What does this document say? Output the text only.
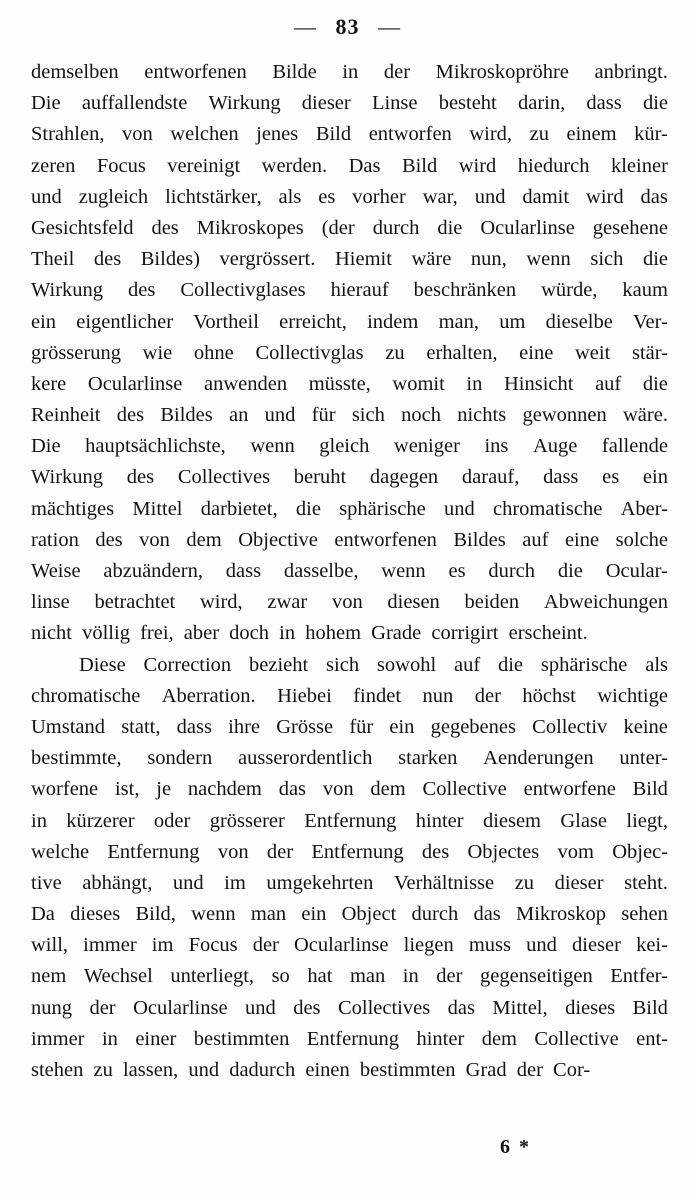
— 83 —
demselben entworfenen Bilde in der Mikroskopröhre anbringt.
Die auffallendste Wirkung dieser Linse besteht darin, dass die
Strahlen, von welchen jenes Bild entworfen wird, zu einem kür-
zeren Focus vereinigt werden. Das Bild wird hiedurch kleiner
und zugleich lichtstärker, als es vorher war, und damit wird das
Gesichtsfeld des Mikroskopes (der durch die Ocularlinse gesehene
Theil des Bildes) vergrössert. Hiemit wäre nun, wenn sich die
Wirkung des Collectivglases hierauf beschränken würde, kaum
ein eigentlicher Vortheil erreicht, indem man, um dieselbe Ver-
grösserung wie ohne Collectivglas zu erhalten, eine weit stär-
kere Ocularlinse anwenden müsste, womit in Hinsicht auf die
Reinheit des Bildes an und für sich noch nichts gewonnen wäre.
Die hauptsächlichste, wenn gleich weniger ins Auge fallende
Wirkung des Collectives beruht dagegen darauf, dass es ein
mächtiges Mittel darbietet, die sphärische und chromatische Aber-
ration des von dem Objective entworfenen Bildes auf eine solche
Weise abzuändern, dass dasselbe, wenn es durch die Ocular-
linse betrachtet wird, zwar von diesen beiden Abweichungen
nicht völlig frei, aber doch in hohem Grade corrigirt erscheint.
Diese Correction bezieht sich sowohl auf die sphärische als
chromatische Aberration. Hiebei findet nun der höchst wichtige
Umstand statt, dass ihre Grösse für ein gegebenes Collectiv keine
bestimmte, sondern ausserordentlich starken Aenderungen unter-
worfene ist, je nachdem das von dem Collective entworfene Bild
in kürzerer oder grösserer Entfernung hinter diesem Glase liegt,
welche Entfernung von der Entfernung des Objectes vom Objec-
tive abhängt, und im umgekehrten Verhältnisse zu dieser steht.
Da dieses Bild, wenn man ein Object durch das Mikroskop sehen
will, immer im Focus der Ocularlinse liegen muss und dieser kei-
nem Wechsel unterliegt, so hat man in der gegenseitigen Entfer-
nung der Ocularlinse und des Collectives das Mittel, dieses Bild
immer in einer bestimmten Entfernung hinter dem Collective ent-
stehen zu lassen, und dadurch einen bestimmten Grad der Cor-
6 *
